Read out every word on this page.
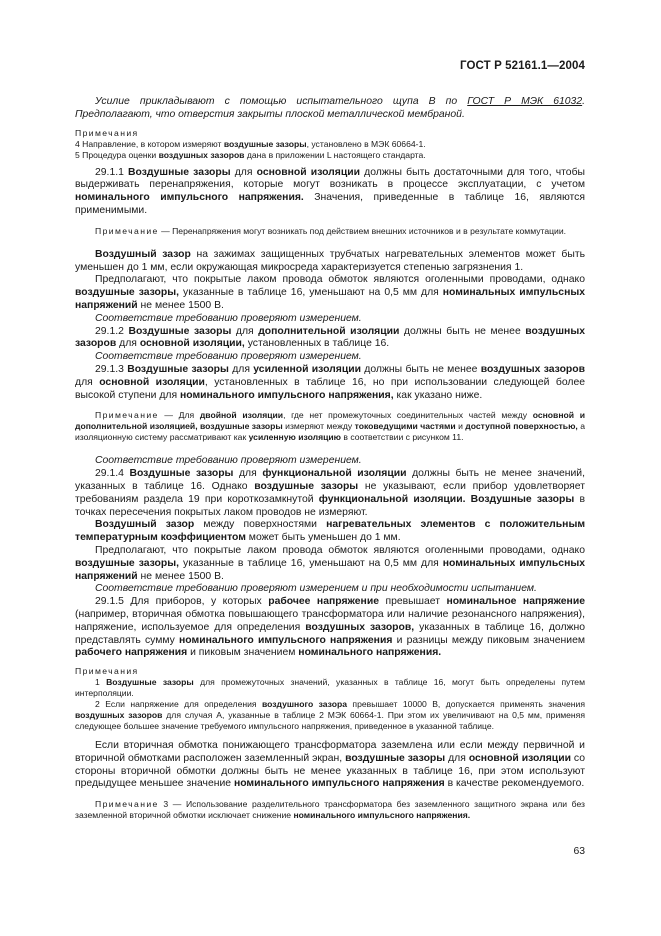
ГОСТ Р 52161.1—2004

Усилие прикладывают с помощью испытательного щупа В по ГОСТ Р МЭК 61032. Предполагают, что отверстия закрыты плоской металлической мембраной.

Примечания

4 Направление, в котором измеряют воздушные зазоры, установлено в МЭК 60664-1.

5 Процедура оценки воздушных зазоров дана в приложении L настоящего стандарта.

29.1.1 Воздушные зазоры для основной изоляции должны быть достаточными для того, чтобы выдерживать перенапряжения, которые могут возникать в процессе эксплуатации, с учетом номинального импульсного напряжения. Значения, приведенные в таблице 16, являются применимыми.

Примечание — Перенапряжения могут возникать под действием внешних источников и в результате коммутации.

Воздушный зазор на зажимах защищенных трубчатых нагревательных элементов может быть уменьшен до 1 мм, если окружающая микросреда характеризуется степенью загрязнения 1.

Предполагают, что покрытые лаком провода обмоток являются оголенными проводами, однако воздушные зазоры, указанные в таблице 16, уменьшают на 0,5 мм для номинальных импульсных напряжений не менее 1500 В.

Соответствие требованию проверяют измерением.

29.1.2 Воздушные зазоры для дополнительной изоляции должны быть не менее воздушных зазоров для основной изоляции, установленных в таблице 16.

Соответствие требованию проверяют измерением.

29.1.3 Воздушные зазоры для усиленной изоляции должны быть не менее воздушных зазоров для основной изоляции, установленных в таблице 16, но при использовании следующей более высокой ступени для номинального импульсного напряжения, как указано ниже.

Примечание — Для двойной изоляции, где нет промежуточных соединительных частей между основной и дополнительной изоляцией, воздушные зазоры измеряют между токоведущими частями и доступной поверхностью, а изоляционную систему рассматривают как усиленную изоляцию в соответствии с рисунком 11.

Соответствие требованию проверяют измерением.

29.1.4 Воздушные зазоры для функциональной изоляции должны быть не менее значений, указанных в таблице 16. Однако воздушные зазоры не указывают, если прибор удовлетворяет требованиям раздела 19 при короткозамкнутой функциональной изоляции. Воздушные зазоры в точках пересечения покрытых лаком проводов не измеряют.

Воздушный зазор между поверхностями нагревательных элементов с положительным температурным коэффициентом может быть уменьшен до 1 мм.

Предполагают, что покрытые лаком провода обмоток являются оголенными проводами, однако воздушные зазоры, указанные в таблице 16, уменьшают на 0,5 мм для номинальных импульсных напряжений не менее 1500 В.

Соответствие требованию проверяют измерением и при необходимости испытанием.

29.1.5 Для приборов, у которых рабочее напряжение превышает номинальное напряжение (например, вторичная обмотка повышающего трансформатора или наличие резонансного напряжения), напряжение, используемое для определения воздушных зазоров, указанных в таблице 16, должно представлять сумму номинального импульсного напряжения и разницы между пиковым значением рабочего напряжения и пиковым значением номинального напряжения.

Примечания

1 Воздушные зазоры для промежуточных значений, указанных в таблице 16, могут быть определены путем интерполяции.

2 Если напряжение для определения воздушного зазора превышает 10000 В, допускается применять значения воздушных зазоров для случая А, указанные в таблице 2 МЭК 60664-1. При этом их увеличивают на 0,5 мм, применяя следующее большее значение требуемого импульсного напряжения, приведенное в указанной таблице.

Если вторичная обмотка понижающего трансформатора заземлена или если между первичной и вторичной обмотками расположен заземленный экран, воздушные зазоры для основной изоляции со стороны вторичной обмотки должны быть не менее указанных в таблице 16, при этом используют предыдущее меньшее значение номинального импульсного напряжения в качестве рекомендуемого.

Примечание 3 — Использование разделительного трансформатора без заземленного защитного экрана или без заземленной вторичной обмотки исключает снижение номинального импульсного напряжения.

63
